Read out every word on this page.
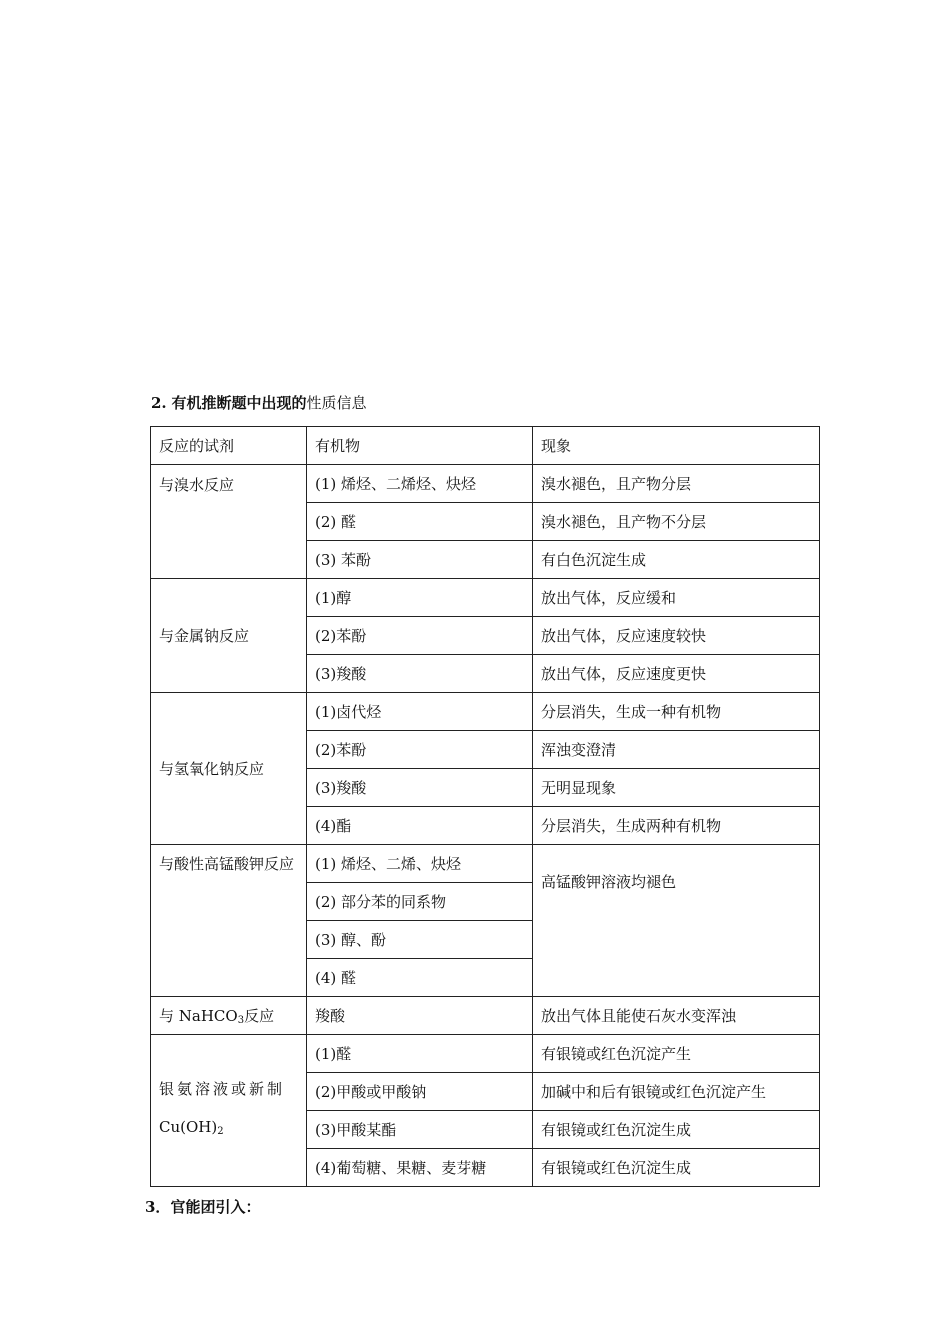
2. 有机推断题中出现的性质信息
反应的试剂	有机物	现象
与溴水反应	(1) 烯烃、二烯烃、炔烃	溴水褪色，且产物分层
	(2) 醛	溴水褪色，且产物不分层
	(3) 苯酚	有白色沉淀生成
与金属钠反应	(1)醇	放出气体，反应缓和
	(2)苯酚	放出气体，反应速度较快
	(3)羧酸	放出气体，反应速度更快
与氢氧化钠反应	(1)卤代烃	分层消失，生成一种有机物
	(2)苯酚	浑浊变澄清
	(3)羧酸	无明显现象
	(4)酯	分层消失，生成两种有机物
与酸性高锰酸钾反应	(1) 烯烃、二烯、炔烃	高锰酸钾溶液均褪色
	(2) 部分苯的同系物	
	(3) 醇、酚	
	(4) 醛	
与 NaHCO$_3$反应	羧酸	放出气体且能使石灰水变浑浊

银氨溶液或新制
$Cu(OH)_2$	(1)醛	有银镜或红色沉淀产生
	(2)甲酸或甲酸钠	加碱中和后有银镜或红色沉淀产生
	(3)甲酸某酯	有银镜或红色沉淀生成
	(4)葡萄糖、果糖、麦芽糖	有银镜或红色沉淀生成
3．官能团引入：
